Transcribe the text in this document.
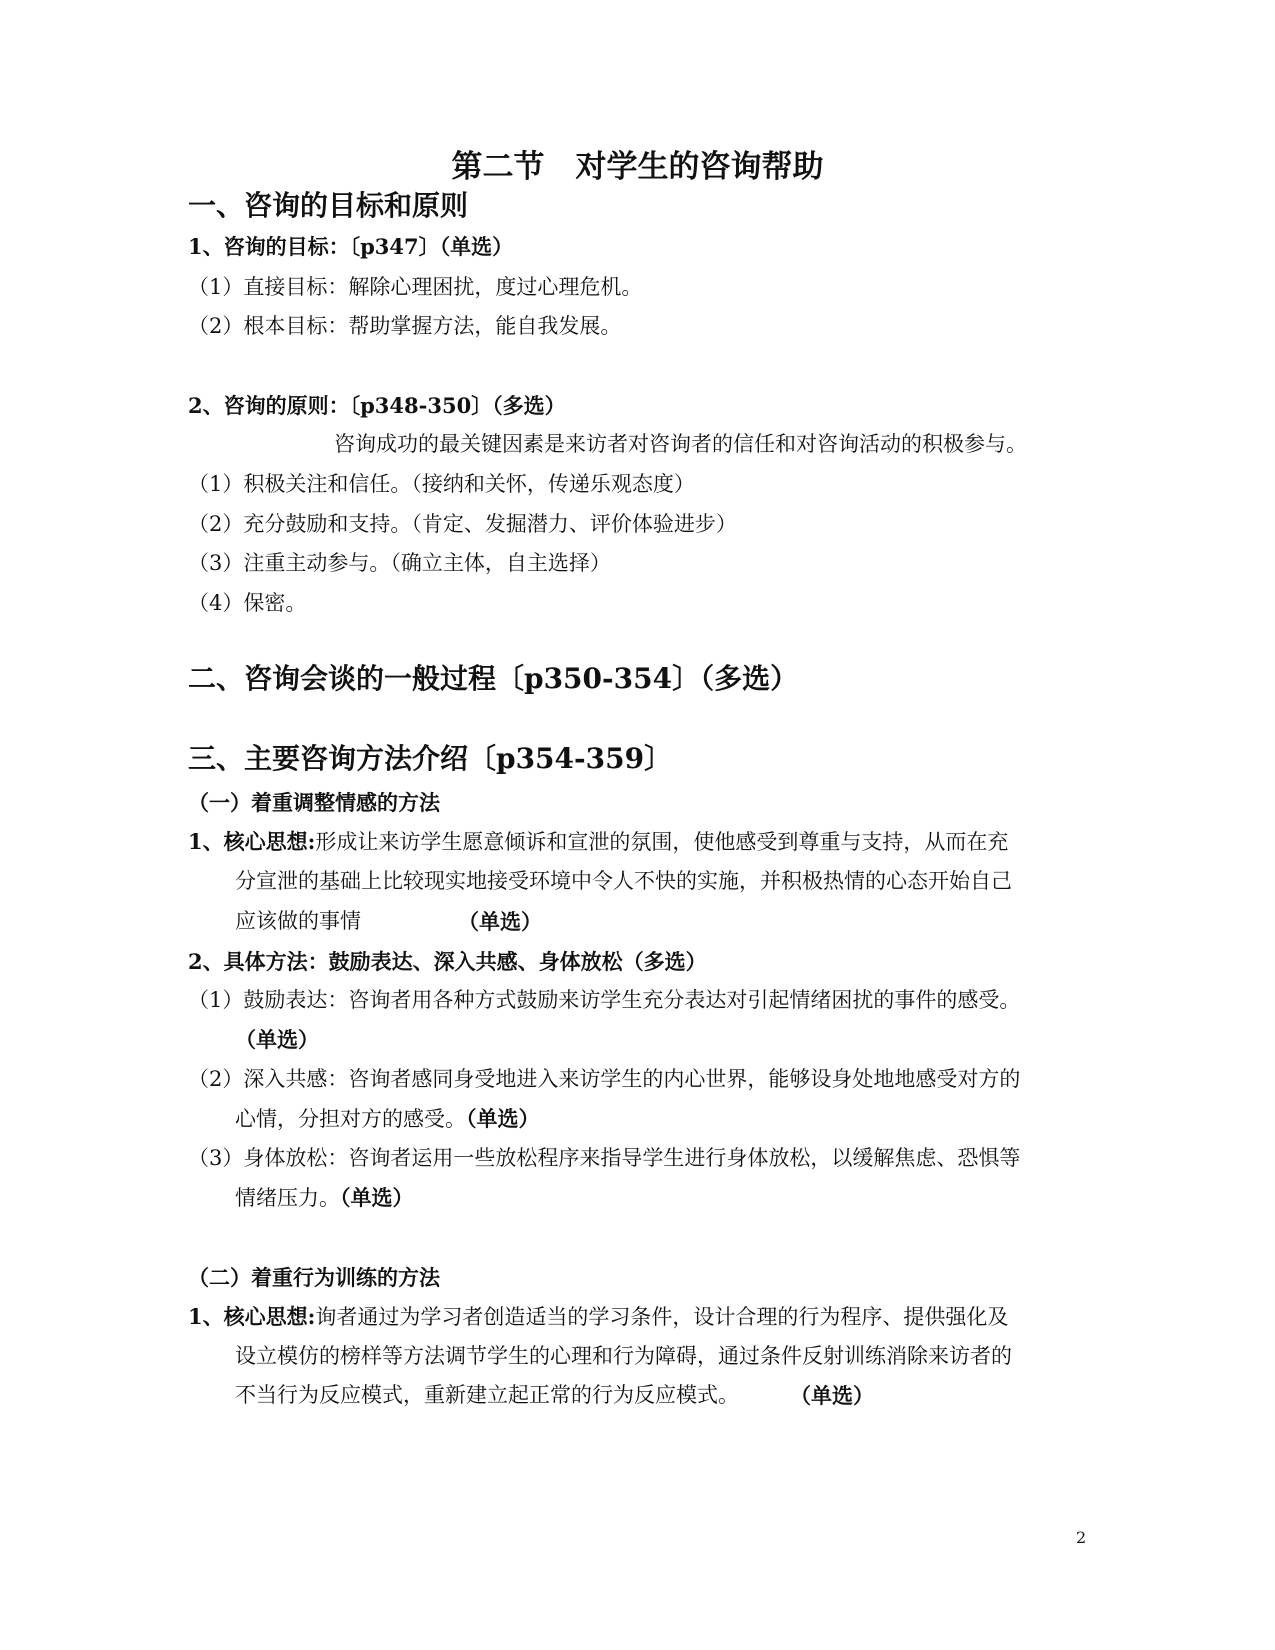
第二节　对学生的咨询帮助
一、咨询的目标和原则
1、咨询的目标：〔p347〕（单选）
（1）直接目标：解除心理困扰，度过心理危机。
（2）根本目标：帮助掌握方法，能自我发展。
2、咨询的原则：〔p348-350〕（多选）
咨询成功的最关键因素是来访者对咨询者的信任和对咨询活动的积极参与。
（1）积极关注和信任。（接纳和关怀，传递乐观态度）
（2）充分鼓励和支持。（肯定、发掘潜力、评价体验进步）
（3）注重主动参与。（确立主体，自主选择）
（4）保密。
二、咨询会谈的一般过程〔p350-354〕（多选）
三、主要咨询方法介绍〔p354-359〕
（一）着重调整情感的方法
1、核心思想:形成让来访学生愿意倾诉和宣泄的氛围，使他感受到尊重与支持，从而在充
分宣泄的基础上比较现实地接受环境中令人不快的实施，并积极热情的心态开始自己
应该做的事情	（单选）
2、具体方法：鼓励表达、深入共感、身体放松（多选）
（1）鼓励表达：咨询者用各种方式鼓励来访学生充分表达对引起情绪困扰的事件的感受。
（单选）
（2）深入共感：咨询者感同身受地进入来访学生的内心世界，能够设身处地地感受对方的
心情，分担对方的感受。（单选）
（3）身体放松：咨询者运用一些放松程序来指导学生进行身体放松，以缓解焦虑、恐惧等
情绪压力。（单选）
（二）着重行为训练的方法
1、核心思想:询者通过为学习者创造适当的学习条件，设计合理的行为程序、提供强化及
设立模仿的榜样等方法调节学生的心理和行为障碍，通过条件反射训练消除来访者的
不当行为反应模式，重新建立起正常的行为反应模式。 （单选）
2
